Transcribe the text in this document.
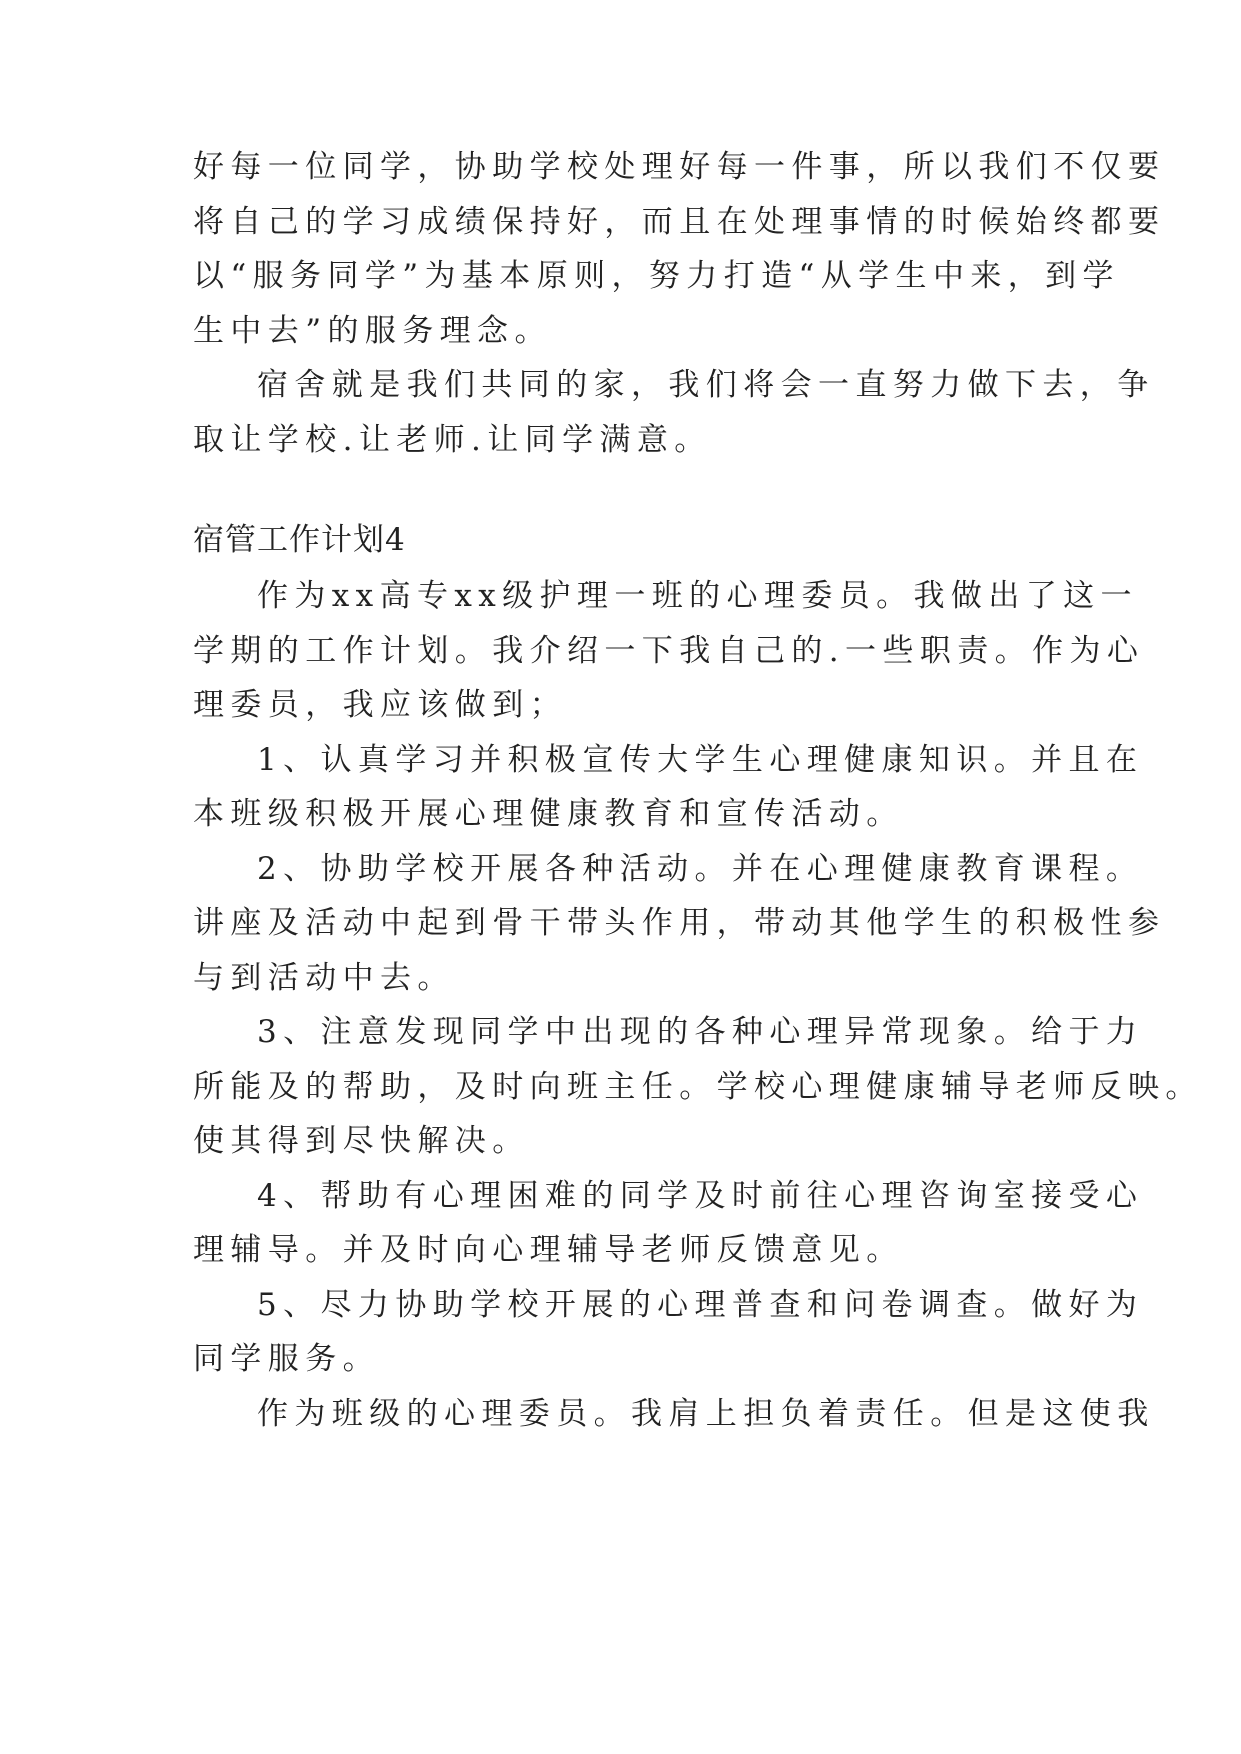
好每一位同学，协助学校处理好每一件事，所以我们不仅要
将自己的学习成绩保持好，而且在处理事情的时候始终都要
以“服务同学”为基本原则，努力打造“从学生中来，到学
生中去”的服务理念。
宿舍就是我们共同的家，我们将会一直努力做下去，争
取让学校.让老师.让同学满意。
宿管工作计划4
作为xx高专xx级护理一班的心理委员。我做出了这一
学期的工作计划。我介绍一下我自己的.一些职责。作为心
理委员，我应该做到；
1、认真学习并积极宣传大学生心理健康知识。并且在
本班级积极开展心理健康教育和宣传活动。
2、协助学校开展各种活动。并在心理健康教育课程。
讲座及活动中起到骨干带头作用，带动其他学生的积极性参
与到活动中去。
3、注意发现同学中出现的各种心理异常现象。给于力
所能及的帮助，及时向班主任。学校心理健康辅导老师反映。
使其得到尽快解决。
4、帮助有心理困难的同学及时前往心理咨询室接受心
理辅导。并及时向心理辅导老师反馈意见。
5、尽力协助学校开展的心理普查和问卷调查。做好为
同学服务。
作为班级的心理委员。我肩上担负着责任。但是这使我
